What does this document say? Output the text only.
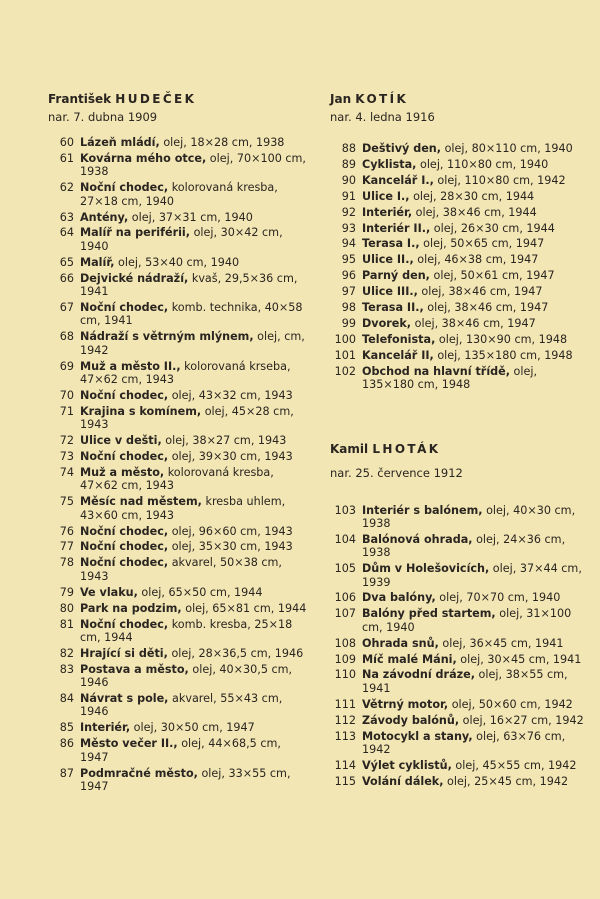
František HUDEČEK
nar. 7. dubna 1909
60 Lázeň mládí, olej, 18×28 cm, 1938
61 Kovárna mého otce, olej, 70×100 cm, 1938
62 Noční chodec, kolorovaná kresba, 27×18 cm, 1940
63 Antény, olej, 37×31 cm, 1940
64 Malíř na periférii, olej, 30×42 cm, 1940
65 Malíř, olej, 53×40 cm, 1940
66 Dejvické nádraží, kvaš, 29,5×36 cm, 1941
67 Noční chodec, komb. technika, 40×58 cm, 1941
68 Nádraží s větrným mlýnem, olej, cm, 1942
69 Muž a město II., kolorovaná krseba, 47×62 cm, 1943
70 Noční chodec, olej, 43×32 cm, 1943
71 Krajina s komínem, olej, 45×28 cm, 1943
72 Ulice v dešti, olej, 38×27 cm, 1943
73 Noční chodec, olej, 39×30 cm, 1943
74 Muž a město, kolorovaná kresba, 47×62 cm, 1943
75 Měsíc nad městem, kresba uhlem, 43×60 cm, 1943
76 Noční chodec, olej, 96×60 cm, 1943
77 Noční chodec, olej, 35×30 cm, 1943
78 Noční chodec, akvarel, 50×38 cm, 1943
79 Ve vlaku, olej, 65×50 cm, 1944
80 Park na podzim, olej, 65×81 cm, 1944
81 Noční chodec, komb. kresba, 25×18 cm, 1944
82 Hrající si děti, olej, 28×36,5 cm, 1946
83 Postava a město, olej, 40×30,5 cm, 1946
84 Návrat s pole, akvarel, 55×43 cm, 1946
85 Interiér, olej, 30×50 cm, 1947
86 Město večer II., olej, 44×68,5 cm, 1947
87 Podmračné město, olej, 33×55 cm, 1947
Jan KOTÍK
nar. 4. ledna 1916
88 Deštivý den, olej, 80×110 cm, 1940
89 Cyklista, olej, 110×80 cm, 1940
90 Kancelář I., olej, 110×80 cm, 1942
91 Ulice I., olej, 28×30 cm, 1944
92 Interiér, olej, 38×46 cm, 1944
93 Interiér II., olej, 26×30 cm, 1944
94 Terasa I., olej, 50×65 cm, 1947
95 Ulice II., olej, 46×38 cm, 1947
96 Parný den, olej, 50×61 cm, 1947
97 Ulice III., olej, 38×46 cm, 1947
98 Terasa II., olej, 38×46 cm, 1947
99 Dvorek, olej, 38×46 cm, 1947
100 Telefonista, olej, 130×90 cm, 1948
101 Kancelář II, olej, 135×180 cm, 1948
102 Obchod na hlavní třídě, olej, 135×180 cm, 1948
Kamil LHOTÁK
nar. 25. července 1912
103 Interiér s balónem, olej, 40×30 cm, 1938
104 Balónová ohrada, olej, 24×36 cm, 1938
105 Dům v Holešovicích, olej, 37×44 cm, 1939
106 Dva balóny, olej, 70×70 cm, 1940
107 Balóny před startem, olej, 31×100 cm, 1940
108 Ohrada snů, olej, 36×45 cm, 1941
109 Míč malé Máni, olej, 30×45 cm, 1941
110 Na závodní dráze, olej, 38×55 cm, 1941
111 Větrný motor, olej, 50×60 cm, 1942
112 Závody balónů, olej, 16×27 cm, 1942
113 Motocykl a stany, olej, 63×76 cm, 1942
114 Výlet cyklistů, olej, 45×55 cm, 1942
115 Volání dálek, olej, 25×45 cm, 1942
